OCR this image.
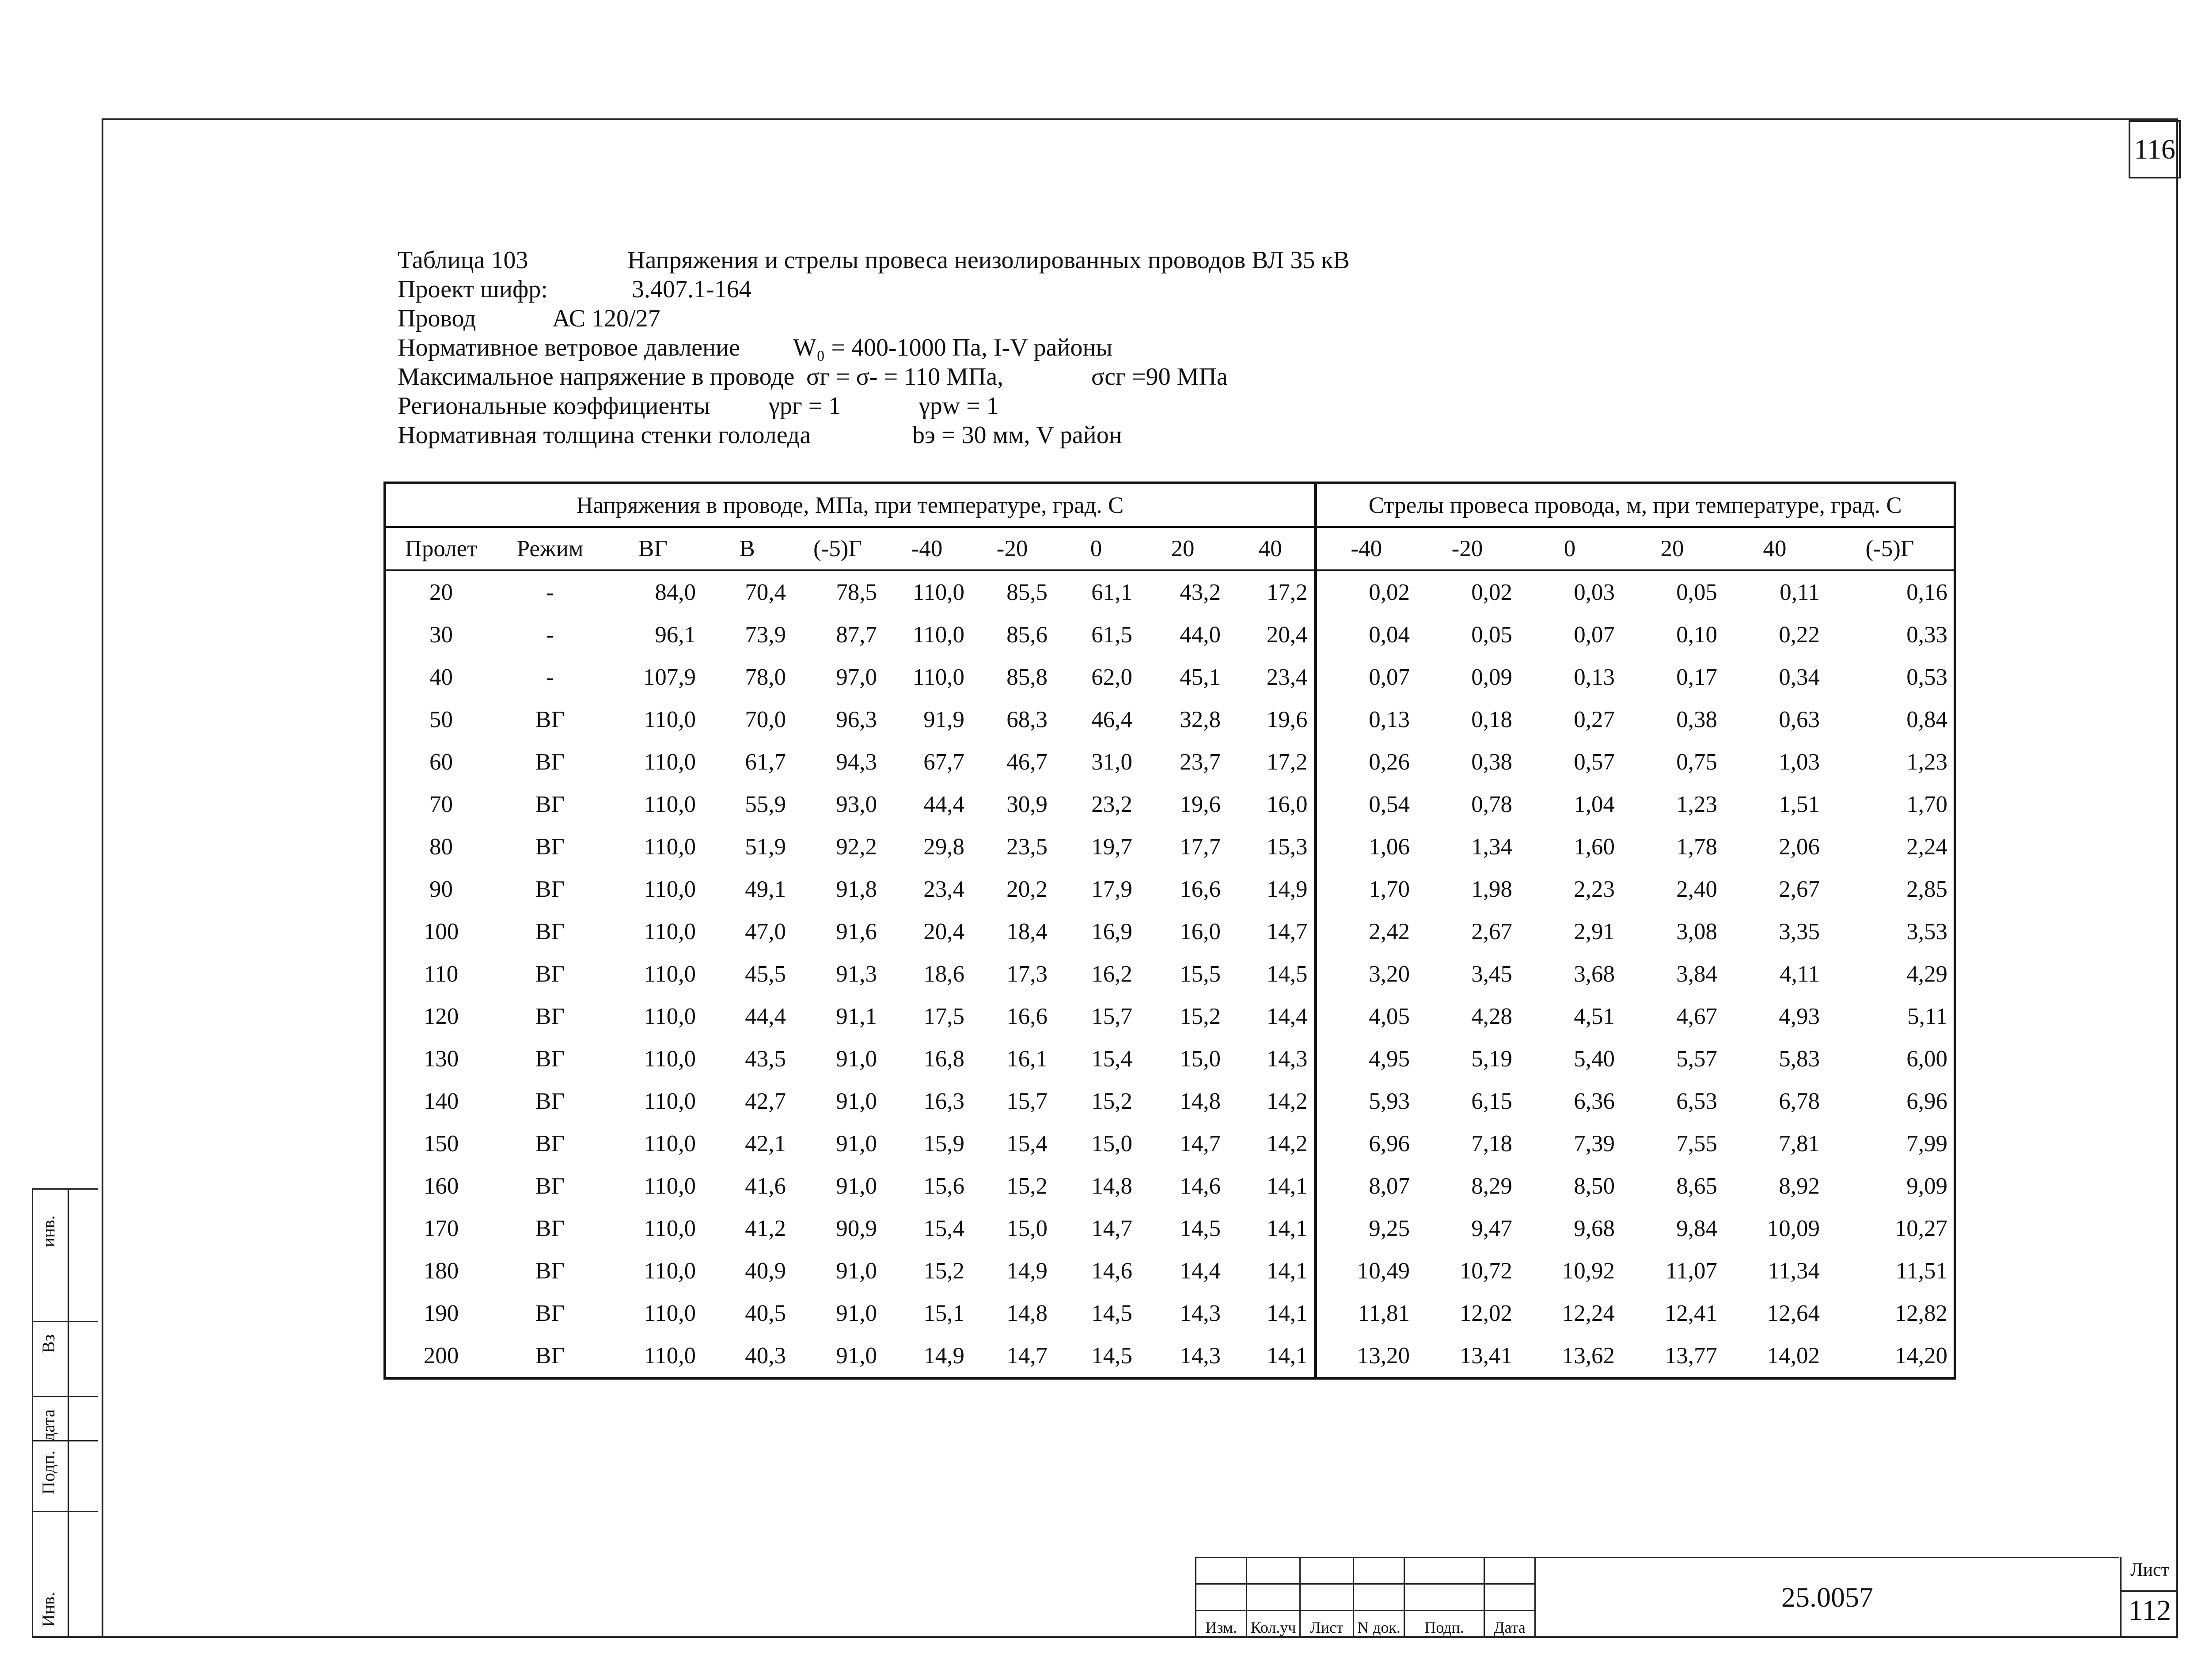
116
Таблица 103	Напряжения и стрелы провеса неизолированных проводов ВЛ 35 кВ
Проект шифр:	3.407.1-164
Провод	АС 120/27
Нормативное ветровое давление W₀ = 400-1000 Па, I-V районы
Максимальное напряжение в проводе σг = σ- = 110 МПа,	σсг =90 МПа
Региональные коэффициенты γpг = 1	γpw = 1
Нормативная толщина стенки гололеда	bэ = 30 мм, V район
Напряжения в проводе, МПа, при температуре, град. С										Стрелы провеса провода, м, при температуре, град. С					
Пролет	Режим	ВГ	В	(-5)Г	-40	-20	0	20	40	-40	-20	0	20	40	(-5)Г
20	-	84,0	70,4	78,5	110,0	85,5	61,1	43,2	17,2	0,02	0,02	0,03	0,05	0,11	0,16
30	-	96,1	73,9	87,7	110,0	85,6	61,5	44,0	20,4	0,04	0,05	0,07	0,10	0,22	0,33
40	-	107,9	78,0	97,0	110,0	85,8	62,0	45,1	23,4	0,07	0,09	0,13	0,17	0,34	0,53
50	ВГ	110,0	70,0	96,3	91,9	68,3	46,4	32,8	19,6	0,13	0,18	0,27	0,38	0,63	0,84
60	ВГ	110,0	61,7	94,3	67,7	46,7	31,0	23,7	17,2	0,26	0,38	0,57	0,75	1,03	1,23
70	ВГ	110,0	55,9	93,0	44,4	30,9	23,2	19,6	16,0	0,54	0,78	1,04	1,23	1,51	1,70
80	ВГ	110,0	51,9	92,2	29,8	23,5	19,7	17,7	15,3	1,06	1,34	1,60	1,78	2,06	2,24
90	ВГ	110,0	49,1	91,8	23,4	20,2	17,9	16,6	14,9	1,70	1,98	2,23	2,40	2,67	2,85
100	ВГ	110,0	47,0	91,6	20,4	18,4	16,9	16,0	14,7	2,42	2,67	2,91	3,08	3,35	3,53
110	ВГ	110,0	45,5	91,3	18,6	17,3	16,2	15,5	14,5	3,20	3,45	3,68	3,84	4,11	4,29
120	ВГ	110,0	44,4	91,1	17,5	16,6	15,7	15,2	14,4	4,05	4,28	4,51	4,67	4,93	5,11
130	ВГ	110,0	43,5	91,0	16,8	16,1	15,4	15,0	14,3	4,95	5,19	5,40	5,57	5,83	6,00
140	ВГ	110,0	42,7	91,0	16,3	15,7	15,2	14,8	14,2	5,93	6,15	6,36	6,53	6,78	6,96
150	ВГ	110,0	42,1	91,0	15,9	15,4	15,0	14,7	14,2	6,96	7,18	7,39	7,55	7,81	7,99
160	ВГ	110,0	41,6	91,0	15,6	15,2	14,8	14,6	14,1	8,07	8,29	8,50	8,65	8,92	9,09
170	ВГ	110,0	41,2	90,9	15,4	15,0	14,7	14,5	14,1	9,25	9,47	9,68	9,84	10,09	10,27
180	ВГ	110,0	40,9	91,0	15,2	14,9	14,6	14,4	14,1	10,49	10,72	10,92	11,07	11,34	11,51
190	ВГ	110,0	40,5	91,0	15,1	14,8	14,5	14,3	14,1	11,81	12,02	12,24	12,41	12,64	12,82
200	ВГ	110,0	40,3	91,0	14,9	14,7	14,5	14,3	14,1	13,20	13,41	13,62	13,77	14,02	14,20
						25.0057

Изм.	Кол.уч	Лист	N док.	Подп.	Дата	
Лист
112
инв.
Вз
дата
Подп.
Инв.
